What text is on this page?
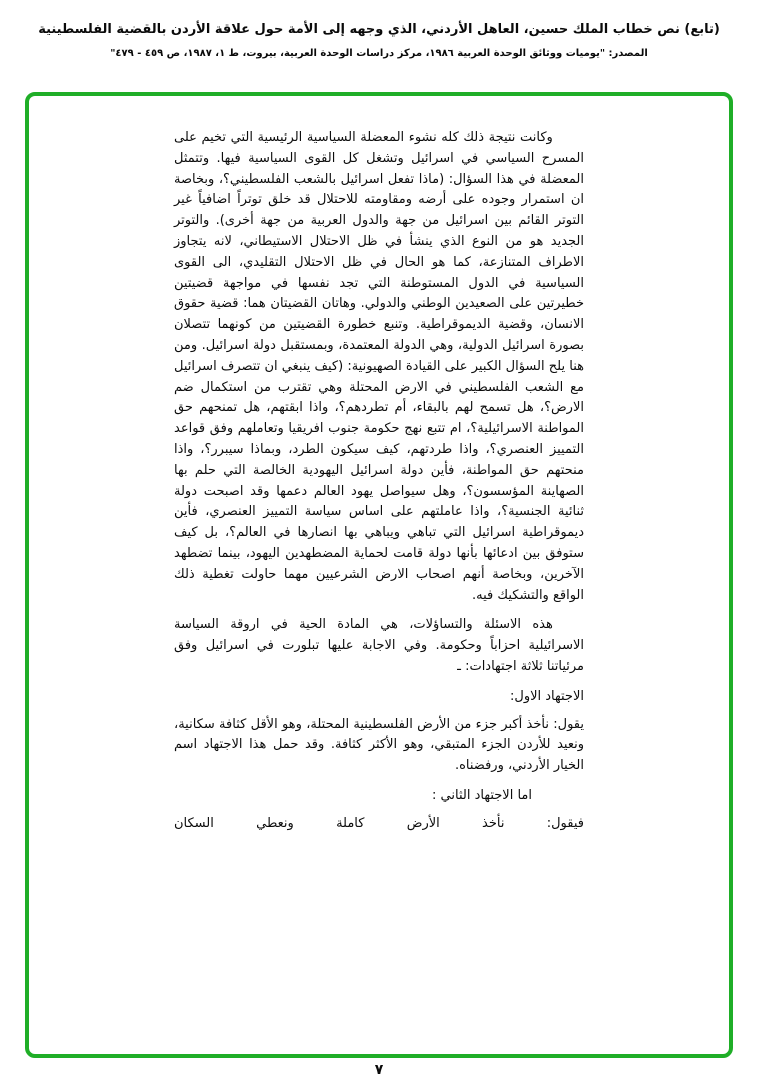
(تابع) نص خطاب الملك حسين، العاهل الأردني، الذي وجهه إلى الأمة حول علاقة الأردن بالقضية الفلسطينية
المصدر: "يوميات ووثائق الوحدة العربية ١٩٨٦، مركز دراسات الوحدة العربية، بيروت، ط ١، ١٩٨٧، ص ٤٥٩ - ٤٧٩"

وكانت نتيجة ذلك كله نشوء المعضلة السياسية الرئيسية التي تخيم على المسرح السياسي في اسرائيل وتشغل كل القوى السياسية فيها. وتتمثل المعضلة في هذا السؤال: (ماذا تفعل اسرائيل بالشعب الفلسطيني؟، وبخاصة ان استمرار وجوده على أرضه ومقاومته للاحتلال قد خلق توتراً اضافياً غير التوتر القائم بين اسرائيل من جهة والدول العربية من جهة أخرى). والتوتر الجديد هو من النوع الذي ينشأ في ظل الاحتلال الاستيطاني، لانه يتجاوز الاطراف المتنازعة، كما هو الحال في ظل الاحتلال التقليدي، الى القوى السياسية في الدول المستوطنة التي تجد نفسها في مواجهة قضيتين خطيرتين على الصعيدين الوطني والدولي. وهاتان القضيتان هما: قضية حقوق الانسان، وقضية الديموقراطية. وتنبع خطورة القضيتين من كونهما تتصلان بصورة اسرائيل الدولية، وهي الدولة المعتمدة، وبمستقبل دولة اسرائيل. ومن هنا يلح السؤال الكبير على القيادة الصهيونية: (كيف ينبغي ان تتصرف اسرائيل مع الشعب الفلسطيني في الارض المحتلة وهي تقترب من استكمال ضم الارض؟، هل تسمح لهم بالبقاء، أم تطردهم؟، واذا ابقتهم، هل تمنحهم حق المواطنة الاسرائيلية؟، ام تتبع نهج حكومة جنوب افريقيا وتعاملهم وفق قواعد التمييز العنصري؟، واذا طردتهم، كيف سيكون الطرد، وبماذا سيبرر؟، واذا منحتهم حق المواطنة، فأين دولة اسرائيل اليهودية الخالصة التي حلم بها الصهاينة المؤسسون؟، وهل سيواصل يهود العالم دعمها وقد اصبحت دولة ثنائية الجنسية؟، واذا عاملتهم على اساس سياسة التمييز العنصري، فأين ديموقراطية اسرائيل التي تباهي ويباهي بها انصارها في العالم؟، بل كيف ستوفق بين ادعائها بأنها دولة قامت لحماية المضطهدين اليهود، بينما تضطهد الآخرين، وبخاصة أنهم اصحاب الارض الشرعيين مهما حاولت تغطية ذلك الواقع والتشكيك فيه.

هذه الاسئلة والتساؤلات، هي المادة الحية في اروقة السياسة الاسرائيلية احزاباً وحكومة. وفي الاجابة عليها تبلورت في اسرائيل وفق مرئياتنا ثلاثة اجتهادات: ـ

الاجتهاد الاول:

يقول: نأخذ أكبر جزء من الأرض الفلسطينية المحتلة، وهو الأقل كثافة سكانية، ونعيد للأردن الجزء المتبقي، وهو الأكثر كثافة. وقد حمل هذا الاجتهاد اسم الخيار الأردني، ورفضناه.

اما الاجتهاد الثاني :

فيقول: نأخذ الأرض كاملة ونعطي السكان

٧
